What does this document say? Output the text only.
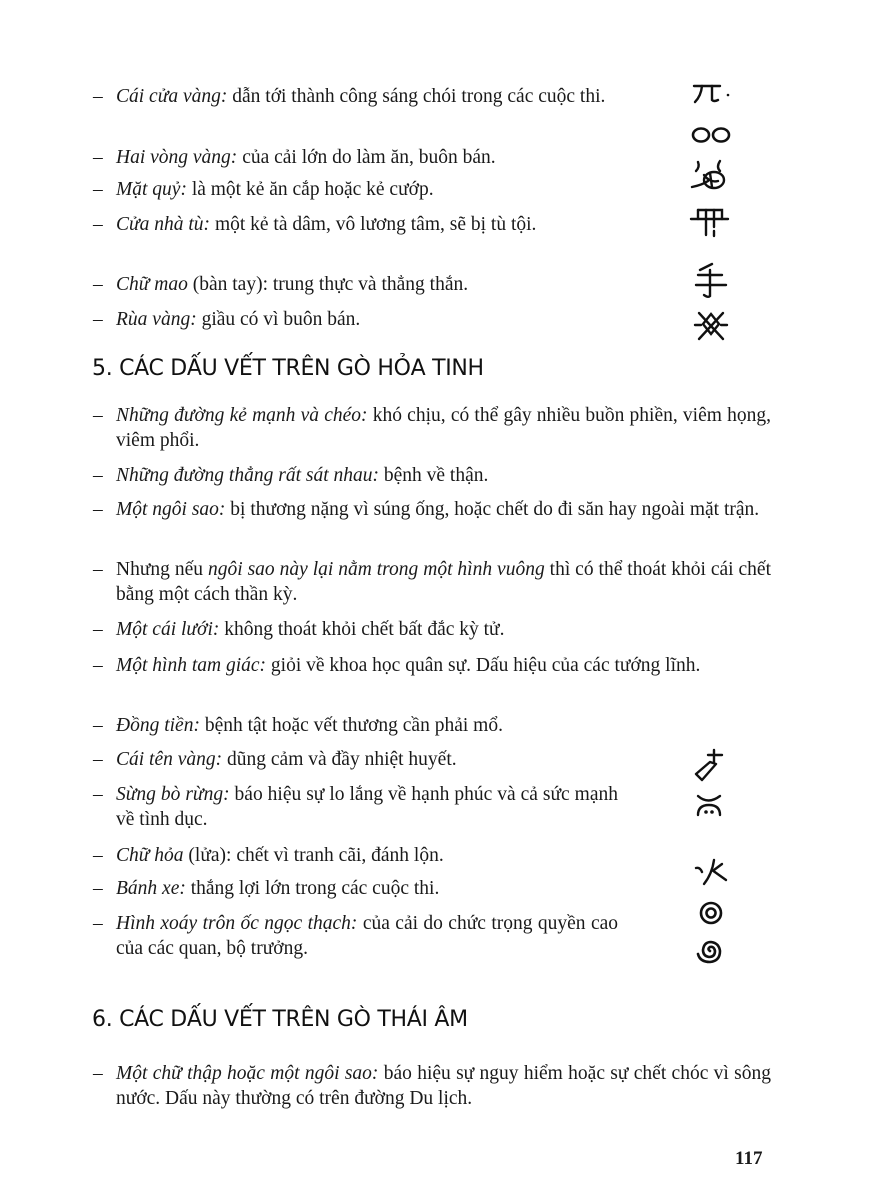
– Cái cửa vàng: dẫn tới thành công sáng chói trong các cuộc thi.
– Hai vòng vàng: của cải lớn do làm ăn, buôn bán.
– Mặt quỷ: là một kẻ ăn cắp hoặc kẻ cướp.
– Cửa nhà tù: một kẻ tà dâm, vô lương tâm, sẽ bị tù tội.
– Chữ mao (bàn tay): trung thực và thẳng thắn.
– Rùa vàng: giầu có vì buôn bán.
5. CÁC DẤU VẾT TRÊN GÒ HỎA TINH
– Những đường kẻ mạnh và chéo: khó chịu, có thể gây nhiều buồn phiền, viêm họng, viêm phổi.
– Những đường thẳng rất sát nhau: bệnh về thận.
– Một ngôi sao: bị thương nặng vì súng ống, hoặc chết do đi săn hay ngoài mặt trận.
– Nhưng nếu ngôi sao này lại nằm trong một hình vuông thì có thể thoát khỏi cái chết bằng một cách thần kỳ.
– Một cái lưới: không thoát khỏi chết bất đắc kỳ tử.
– Một hình tam giác: giỏi về khoa học quân sự. Dấu hiệu của các tướng lĩnh.
– Đồng tiền: bệnh tật hoặc vết thương cần phải mổ.
– Cái tên vàng: dũng cảm và đầy nhiệt huyết.
– Sừng bò rừng: báo hiệu sự lo lắng về hạnh phúc và cả sức mạnh về tình dục.
– Chữ hỏa (lửa): chết vì tranh cãi, đánh lộn.
– Bánh xe: thắng lợi lớn trong các cuộc thi.
– Hình xoáy trôn ốc ngọc thạch: của cải do chức trọng quyền cao của các quan, bộ trưởng.
6. CÁC DẤU VẾT TRÊN GÒ THÁI ÂM
– Một chữ thập hoặc một ngôi sao: báo hiệu sự nguy hiểm hoặc sự chết chóc vì sông nước. Dấu này thường có trên đường Du lịch.
117
